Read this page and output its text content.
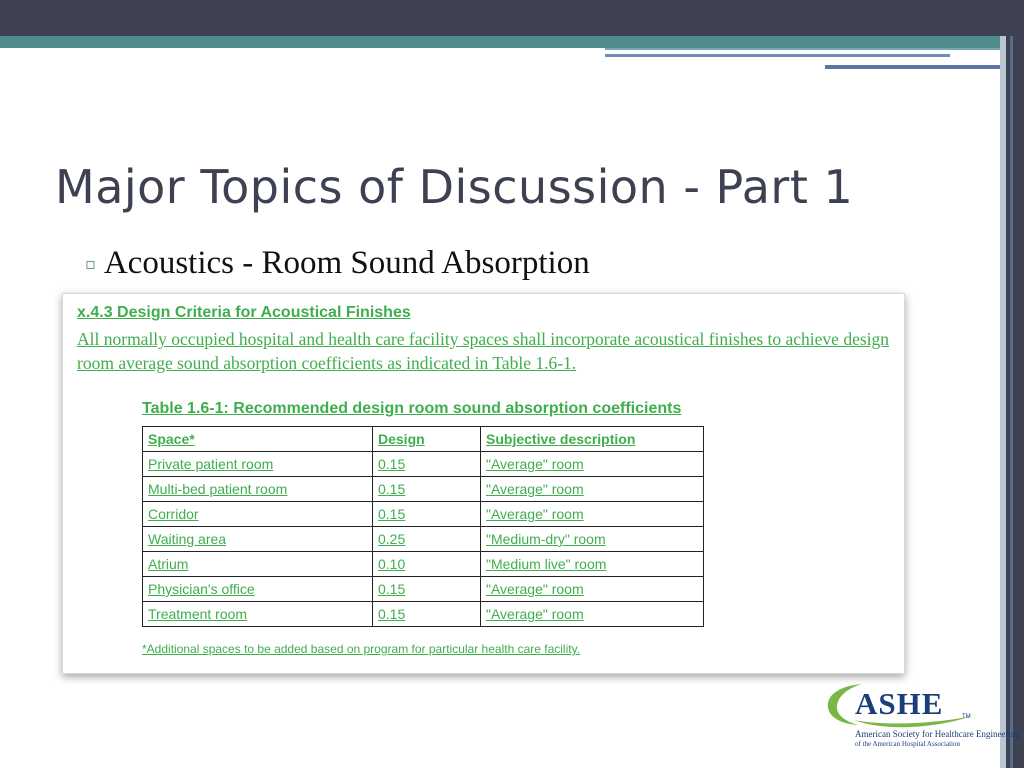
Major Topics of Discussion - Part 1
▫ Acoustics - Room Sound Absorption

x.4.3 Design Criteria for Acoustical Finishes

All normally occupied hospital and health care facility spaces shall incorporate acoustical finishes to achieve design room average sound absorption coefficients as indicated in Table 1.6-1.

Table 1.6-1: Recommended design room sound absorption coefficients

Space*	Design	Subjective description
Private patient room	0.15	"Average" room
Multi-bed patient room	0.15	"Average" room
Corridor	0.15	"Average" room
Waiting area	0.25	"Medium-dry" room
Atrium	0.10	"Medium live" room
Physician's office	0.15	"Average" room
Treatment room	0.15	"Average" room

*Additional spaces to be added based on program for particular health care facility.

ASHE	TM
American Society for Healthcare Engineering
of the American Hospital Association
